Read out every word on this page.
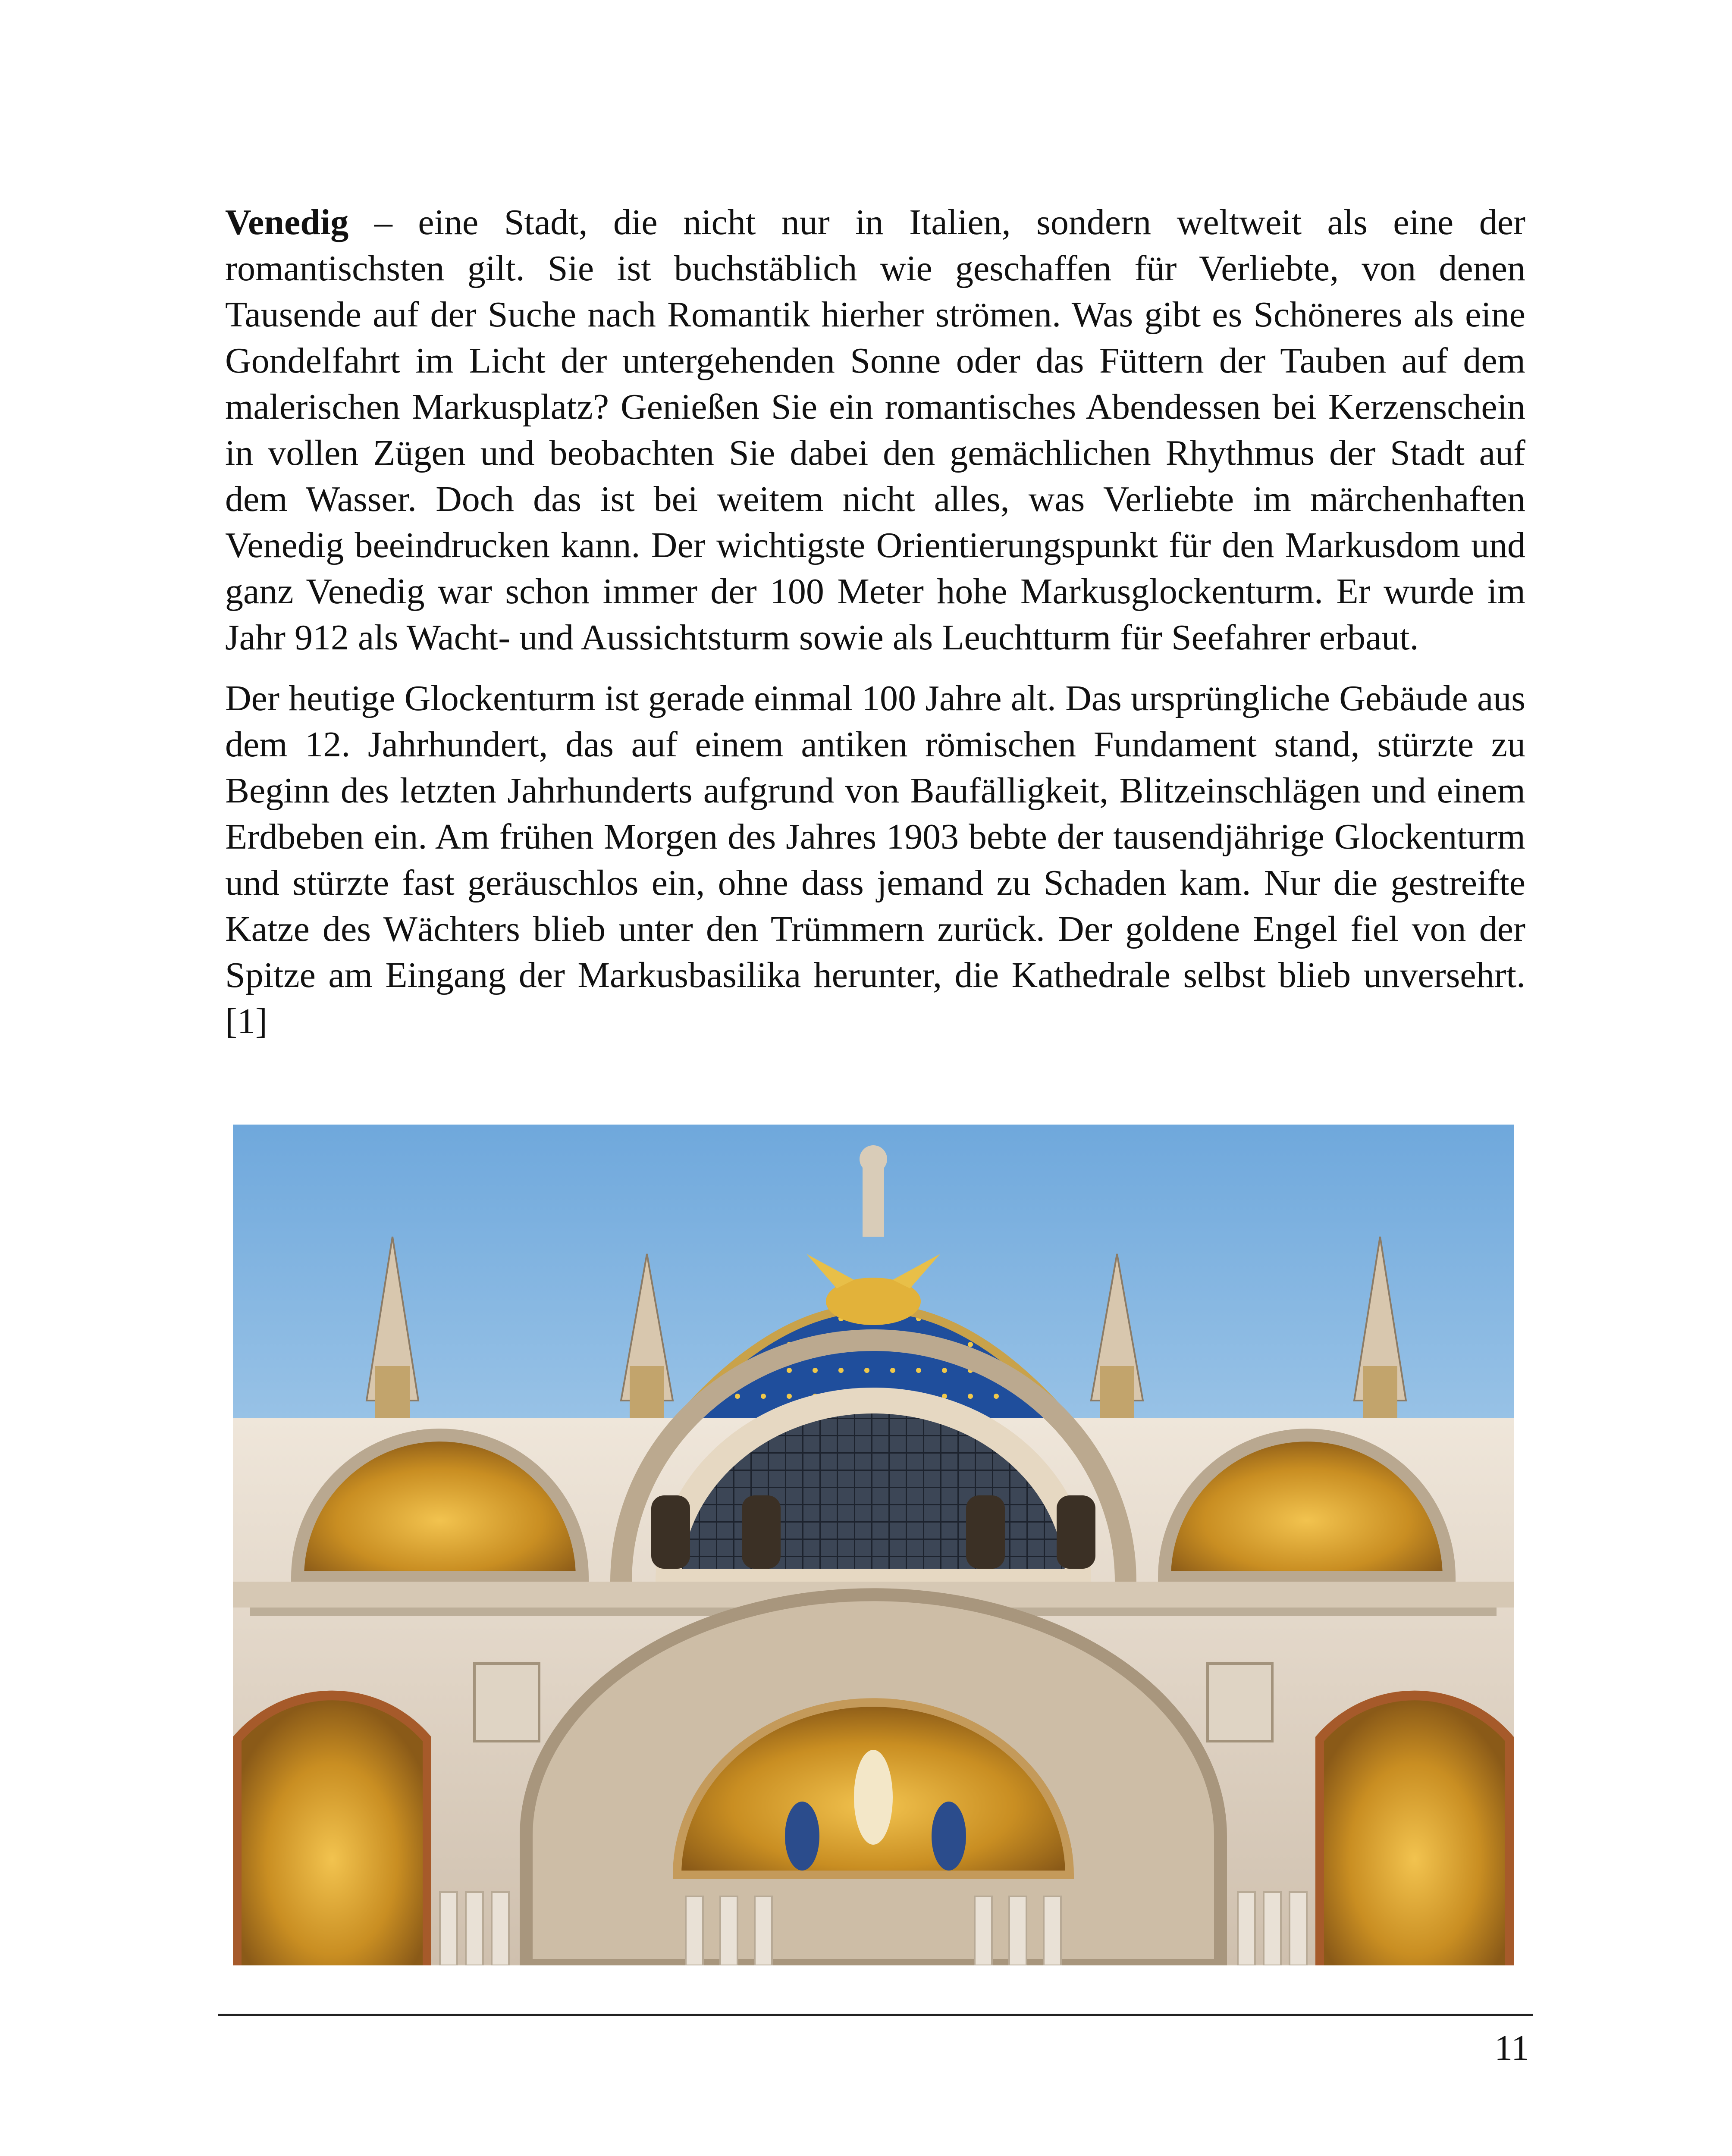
Venedig – eine Stadt, die nicht nur in Italien, sondern weltweit als eine der romantischsten gilt. Sie ist buchstäblich wie geschaffen für Verliebte, von denen Tausende auf der Suche nach Romantik hierher strömen. Was gibt es Schöneres als eine Gondelfahrt im Licht der untergehenden Sonne oder das Füttern der Tauben auf dem malerischen Markusplatz? Genießen Sie ein romantisches Abendessen bei Kerzenschein in vollen Zügen und beobachten Sie dabei den gemächlichen Rhythmus der Stadt auf dem Wasser. Doch das ist bei weitem nicht alles, was Verliebte im märchenhaften Venedig beeindrucken kann. Der wichtigste Orientierungspunkt für den Markusdom und ganz Venedig war schon immer der 100 Meter hohe Markusglockenturm. Er wurde im Jahr 912 als Wacht- und Aussichtsturm sowie als Leuchtturm für Seefahrer erbaut.

Der heutige Glockenturm ist gerade einmal 100 Jahre alt. Das ursprüngliche Gebäude aus dem 12. Jahrhundert, das auf einem antiken römischen Fundament stand, stürzte zu Beginn des letzten Jahrhunderts aufgrund von Baufälligkeit, Blitzeinschlägen und einem Erdbeben ein. Am frühen Morgen des Jahres 1903 bebte der tausendjährige Glockenturm und stürzte fast geräuschlos ein, ohne dass jemand zu Schaden kam. Nur die gestreifte Katze des Wächters blieb unter den Trümmern zurück. Der goldene Engel fiel von der Spitze am Eingang der Markusbasilika herunter, die Kathedrale selbst blieb unversehrt. [1]

11
